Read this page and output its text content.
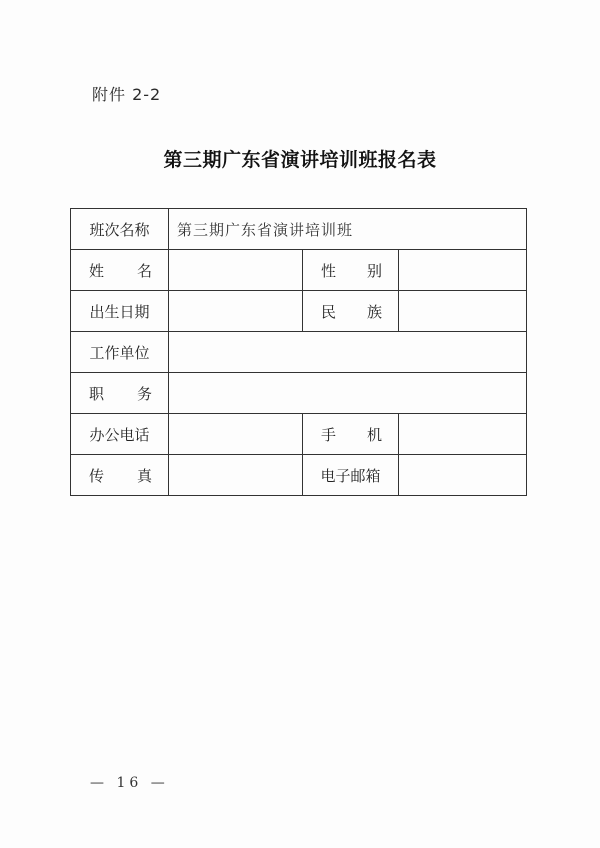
附件 2-2
第三期广东省演讲培训班报名表
班次名称	第三期广东省演讲培训班		

姓 名		性 别	

出生日期		民 族	

工作单位			

职 务			

办公电话		手 机	

传 真		电子邮箱	
— 16 —
